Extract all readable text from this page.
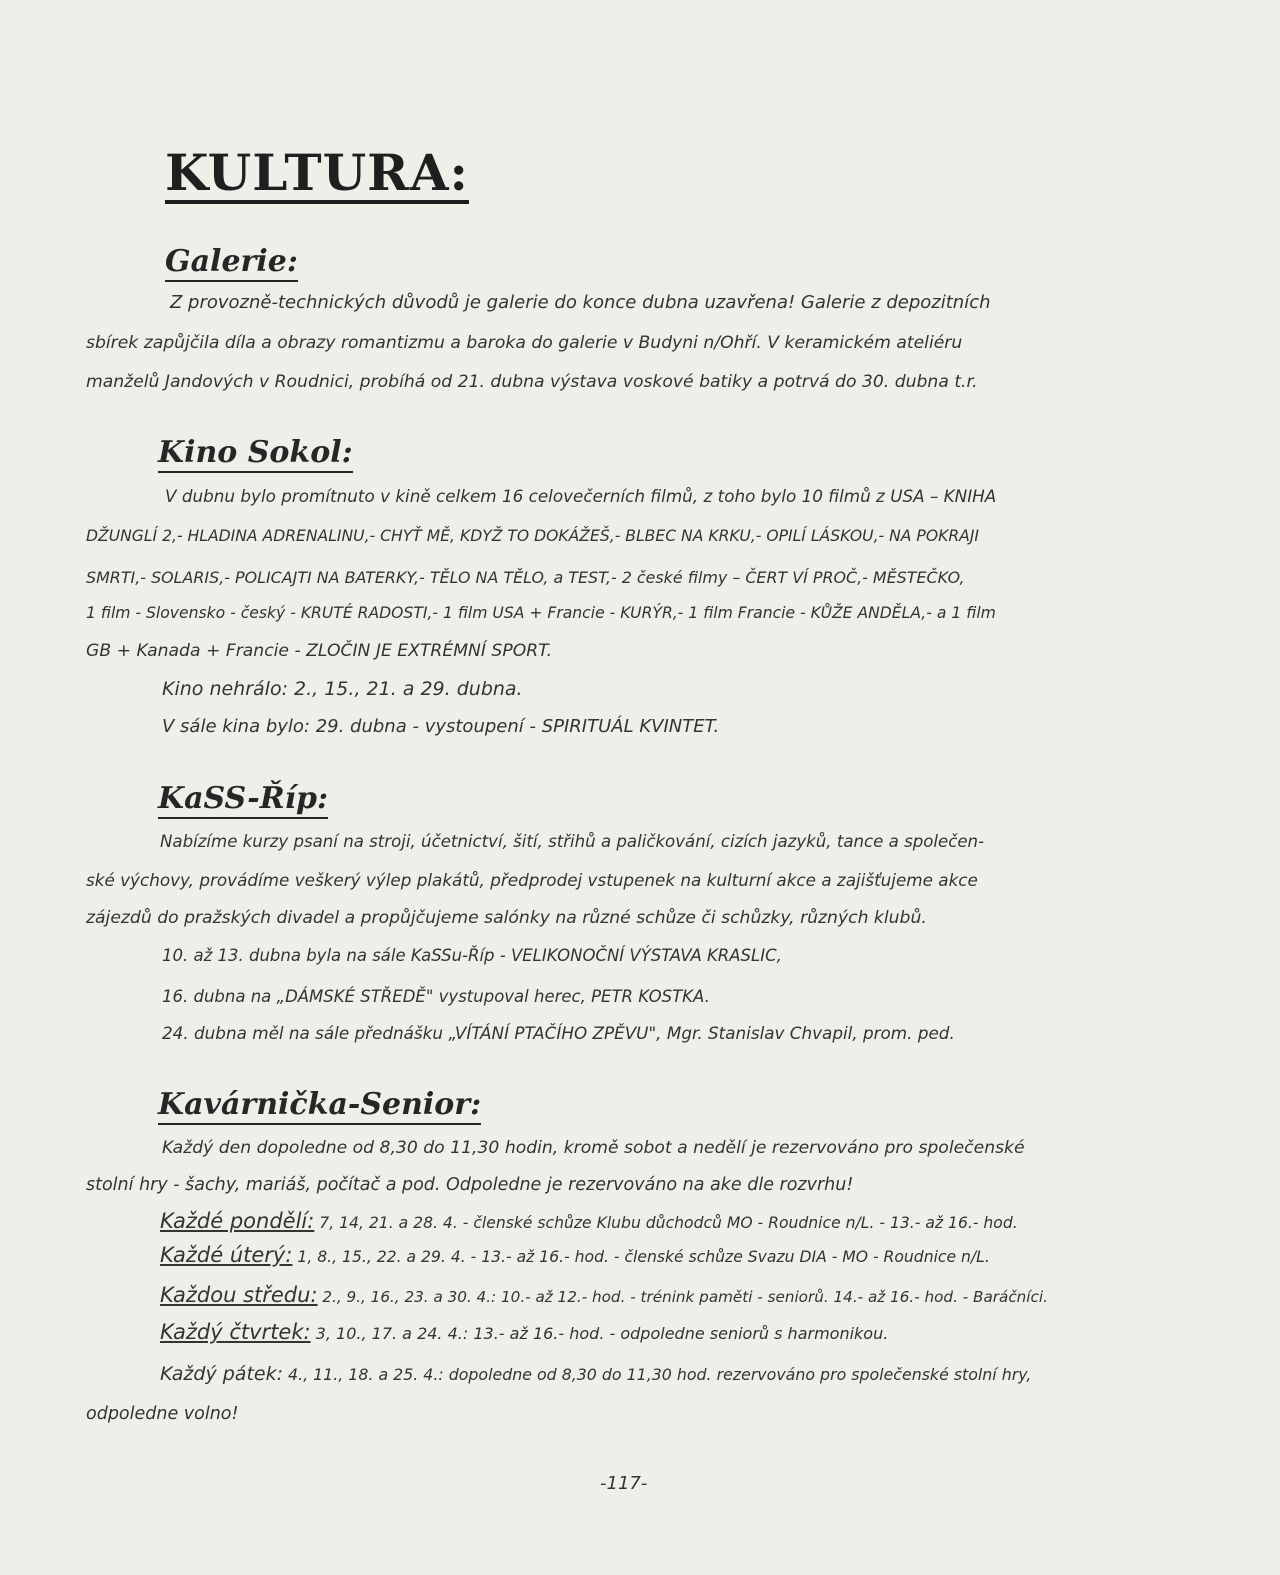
KULTURA:
Galerie:
Z provozně-technických důvodů je galerie do konce dubna uzavřena! Galerie z depozitních
sbírek zapůjčila díla a obrazy romantizmu a baroka do galerie v Budyni n/Ohří. V keramickém ateliéru
manželů Jandových v Roudnici, probíhá od 21. dubna výstava voskové batiky a potrvá do 30. dubna t.r.
Kino Sokol:
V dubnu bylo promítnuto v kině celkem 16 celovečerních filmů, z toho bylo 10 filmů z USA – KNIHA
DŽUNGLÍ 2,- HLADINA ADRENALINU,- CHYŤ MĚ, KDYŽ TO DOKÁŽEŠ,- BLBEC NA KRKU,- OPILÍ LÁSKOU,- NA POKRAJI
SMRTI,- SOLARIS,- POLICAJTI NA BATERKY,- TĚLO NA TĚLO, a TEST,- 2 české filmy – ČERT VÍ PROČ,- MĚSTEČKO,
1 film - Slovensko - český - KRUTÉ RADOSTI,- 1 film USA + Francie - KURÝR,- 1 film Francie - KŮŽE ANDĚLA,- a 1 film
GB + Kanada + Francie - ZLOČIN JE EXTRÉMNÍ SPORT.
Kino nehrálo: 2., 15., 21. a 29. dubna.
V sále kina bylo: 29. dubna - vystoupení - SPIRITUÁL KVINTET.
KaSS-Říp:
Nabízíme kurzy psaní na stroji, účetnictví, šití, střihů a paličkování, cizích jazyků, tance a společen-
ské výchovy, provádíme veškerý výlep plakátů, předprodej vstupenek na kulturní akce a zajišťujeme akce
zájezdů do pražských divadel a propůjčujeme salónky na různé schůze či schůzky, různých klubů.
10. až 13. dubna byla na sále KaSSu-Říp - VELIKONOČNÍ VÝSTAVA KRASLIC,
16. dubna na „DÁMSKÉ STŘEDĚ" vystupoval herec, PETR KOSTKA.
24. dubna měl na sále přednášku „VÍTÁNÍ PTAČÍHO ZPĚVU", Mgr. Stanislav Chvapil, prom. ped.
Kavárnička-Senior:
Každý den dopoledne od 8,30 do 11,30 hodin, kromě sobot a nedělí je rezervováno pro společenské
stolní hry - šachy, mariáš, počítač a pod. Odpoledne je rezervováno na ake dle rozvrhu!
Každé pondělí: 7, 14, 21. a 28. 4. - členské schůze Klubu důchodců MO - Roudnice n/L. - 13.- až 16.- hod.
Každé úterý: 1, 8., 15., 22. a 29. 4. - 13.- až 16.- hod. - členské schůze Svazu DIA - MO - Roudnice n/L.
Každou středu: 2., 9., 16., 23. a 30. 4.: 10.- až 12.- hod. - trénink paměti - seniorů. 14.- až 16.- hod. - Baráčníci.
Každý čtvrtek: 3, 10., 17. a 24. 4.: 13.- až 16.- hod. - odpoledne seniorů s harmonikou.
Každý pátek: 4., 11., 18. a 25. 4.: dopoledne od 8,30 do 11,30 hod. rezervováno pro společenské stolní hry,
odpoledne volno!
-117-
